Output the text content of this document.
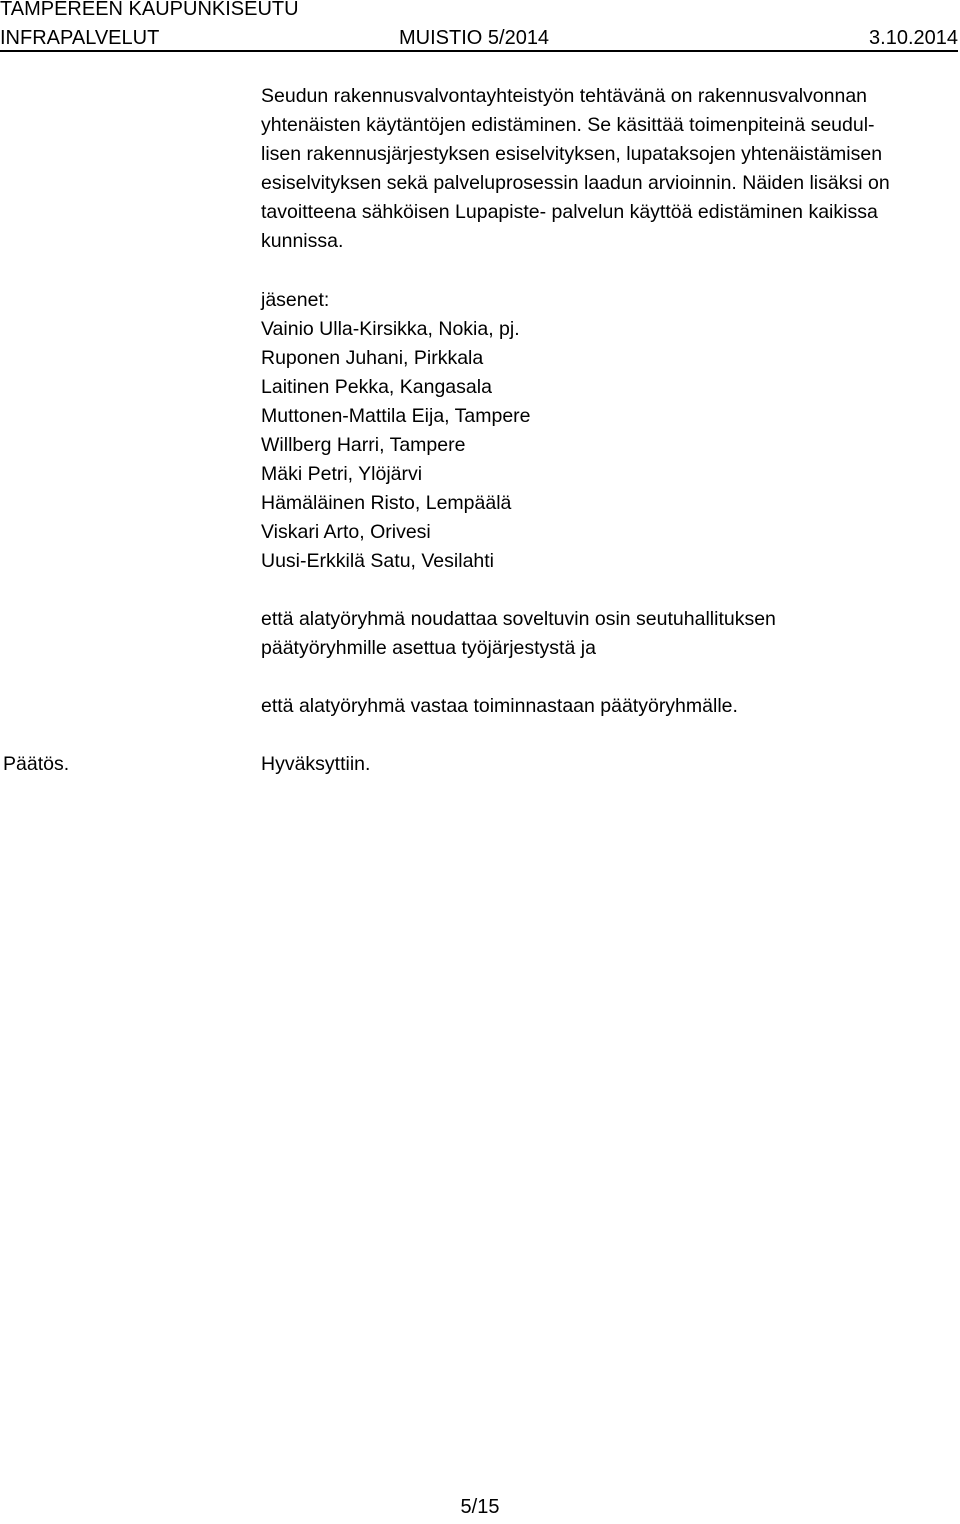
TAMPEREEN KAUPUNKISEUTU
INFRAPALVELUT	MUISTIO 5/2014	3.10.2014
Seudun rakennusvalvontayhteistyön tehtävänä on rakennusvalvonnan
yhtenäisten käytäntöjen edistäminen. Se käsittää toimenpiteinä seudul-
lisen rakennusjärjestyksen esiselvityksen, lupataksojen yhtenäistämisen
esiselvityksen sekä palveluprosessin laadun arvioinnin. Näiden lisäksi on
tavoitteena sähköisen Lupapiste- palvelun käyttöä edistäminen kaikissa
kunnissa.
jäsenet:
Vainio Ulla-Kirsikka, Nokia, pj.
Ruponen Juhani, Pirkkala
Laitinen Pekka, Kangasala
Muttonen-Mattila Eija, Tampere
Willberg Harri, Tampere
Mäki Petri, Ylöjärvi
Hämäläinen Risto, Lempäälä
Viskari Arto, Orivesi
Uusi-Erkkilä Satu, Vesilahti
että alatyöryhmä noudattaa soveltuvin osin seutuhallituksen
päätyöryhmille asettua työjärjestystä ja
että alatyöryhmä vastaa toiminnastaan päätyöryhmälle.
Päätös.	Hyväksyttiin.
5/15
